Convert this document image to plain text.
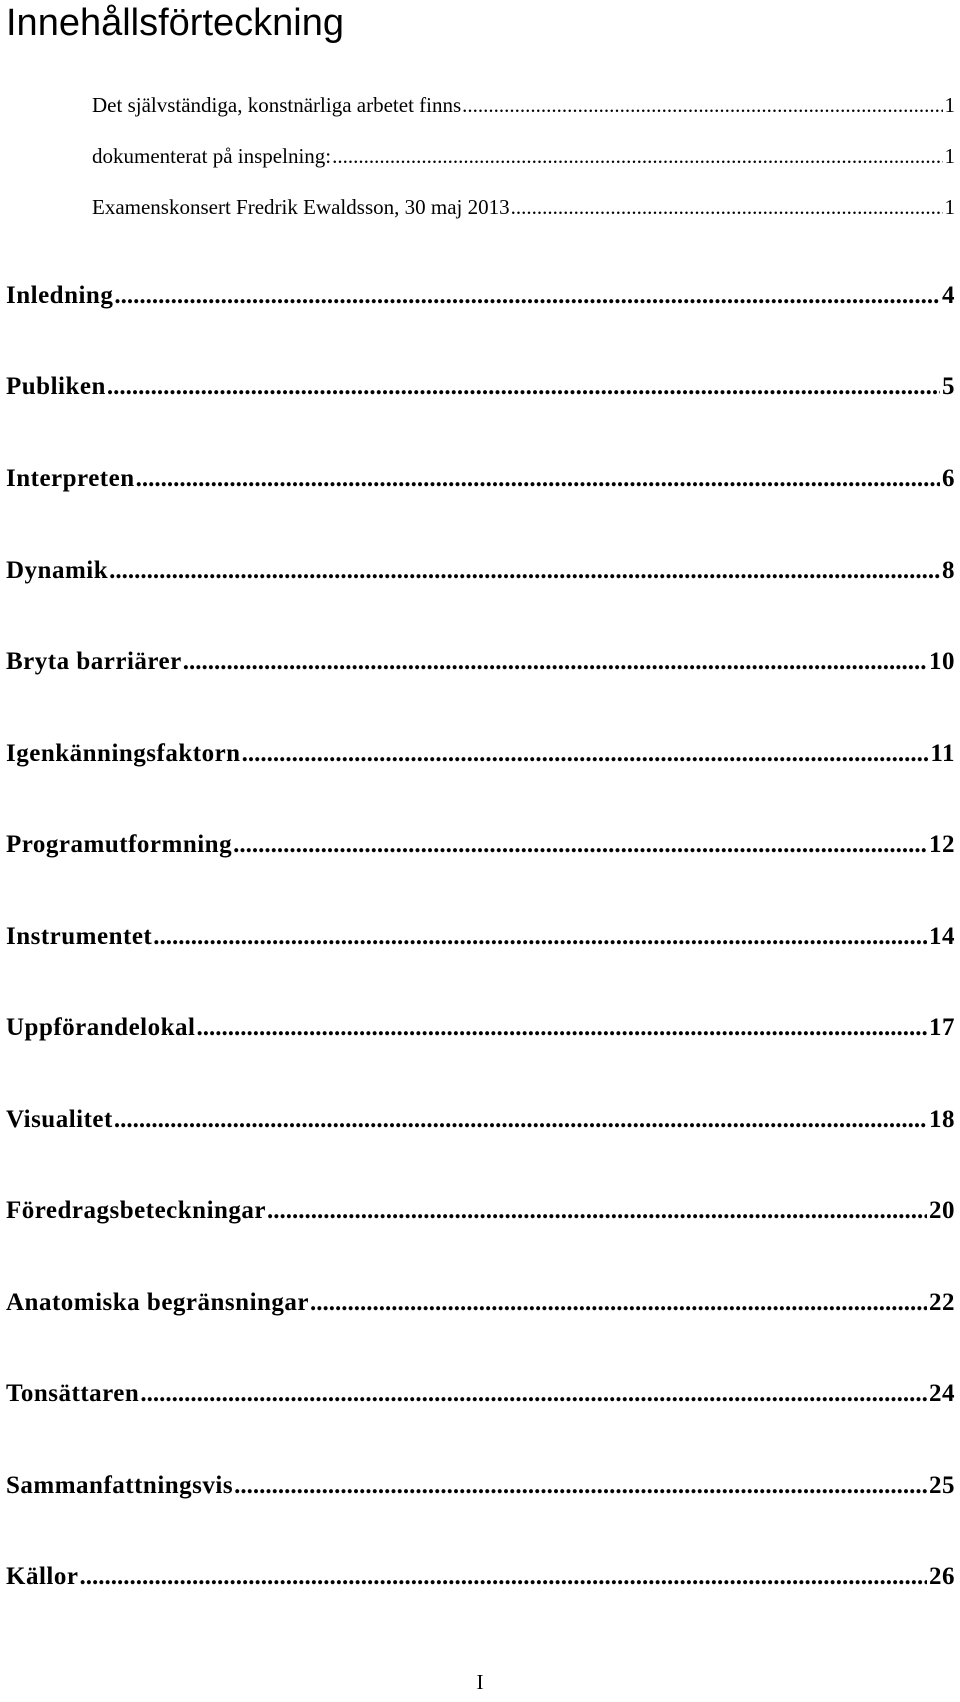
Innehållsförteckning
Det självständiga, konstnärliga arbetet finns .....	1
dokumenterat på inspelning: .....	1
Examenskonsert Fredrik Ewaldsson, 30 maj 2013 .....	1
Inledning .....	4
Publiken .....	5
Interpreten .....	6
Dynamik .....	8
Bryta barriärer .....	10
Igenkänningsfaktorn .....	11
Programutformning .....	12
Instrumentet .....	14
Uppförandelokal .....	17
Visualitet .....	18
Föredragsbeteckningar .....	20
Anatomiska begränsningar .....	22
Tonsättaren .....	24
Sammanfattningsvis .....	25
Källor .....	26
I
